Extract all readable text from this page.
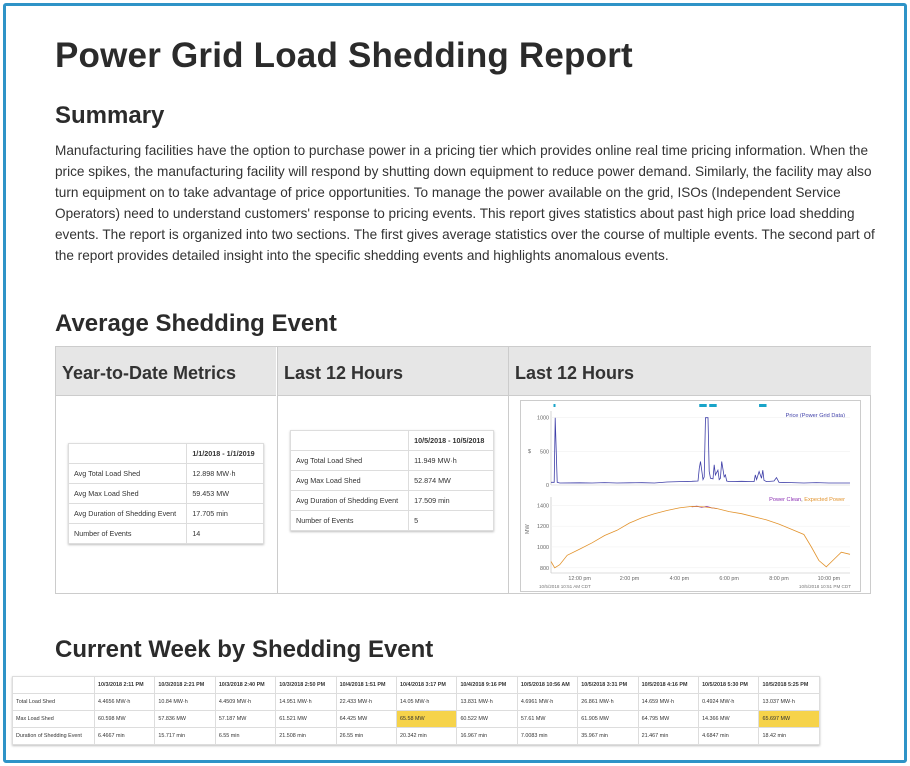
Power Grid Load Shedding Report
Summary

Manufacturing facilities have the option to purchase power in a pricing tier which provides online real time pricing information. When the price spikes, the manufacturing facility will respond by shutting down equipment to reduce power demand. Similarly, the facility may also turn equipment on to take advantage of price opportunities. To manage the power available on the grid, ISOs (Independent Service Operators) need to understand customers' response to pricing events. This report gives statistics about past high price load shedding events. The report is organized into two sections. The first gives average statistics over the course of multiple events. The second part of the report provides detailed insight into the specific shedding events and highlights anomalous events.

Average Shedding Event
Year-to-Date Metrics
	1/1/2018 - 1/1/2019
Avg Total Load Shed	12.898 MW·h
Avg Max Load Shed	59.453 MW
Avg Duration of Shedding Event	17.705 min
Number of Events	14
Last 12 Hours
	10/5/2018 - 10/5/2018
Avg Total Load Shed	11.949 MW·h
Avg Max Load Shed	52.874 MW
Avg Duration of Shedding Event	17.509 min
Number of Events	5
Last 12 Hours
$
Price (Power Grid Data)
MW
Power Clean, Expected Power
10/5/2018 10:51 AM CDT	10/5/2018 10:51 PM CDT
0
500
1000
800
1000
1200
1400
12:00 pm	2:00 pm	4:00 pm	6:00 pm	8:00 pm	10:00 pm
Current Week by Shedding Event
	10/3/2018 2:11 PM	10/3/2018 2:21 PM	10/3/2018 2:40 PM	10/3/2018 2:50 PM	10/4/2018 1:51 PM	10/4/2018 3:17 PM	10/4/2018 9:16 PM	10/5/2018 10:56 AM	10/5/2018 3:31 PM	10/5/2018 4:16 PM	10/5/2018 5:30 PM	10/5/2018 5:25 PM
Total Load Shed	4.4656 MW·h	10.84 MW·h	4.4509 MW·h	14.951 MW·h	22.433 MW·h	14.05 MW·h	13.831 MW·h	4.6961 MW·h	26.861 MW·h	14.659 MW·h	0.4924 MW·h	13.037 MW·h
Max Load Shed	60.598 MW	57.836 MW	57.187 MW	61.521 MW	64.425 MW	65.58 MW	60.522 MW	57.61 MW	61.905 MW	64.795 MW	14.366 MW	65.697 MW
Duration of Shedding Event	6.4667 min	15.717 min	6.55 min	21.508 min	26.55 min	20.342 min	16.967 min	7.0083 min	35.967 min	21.467 min	4.6847 min	18.42 min
